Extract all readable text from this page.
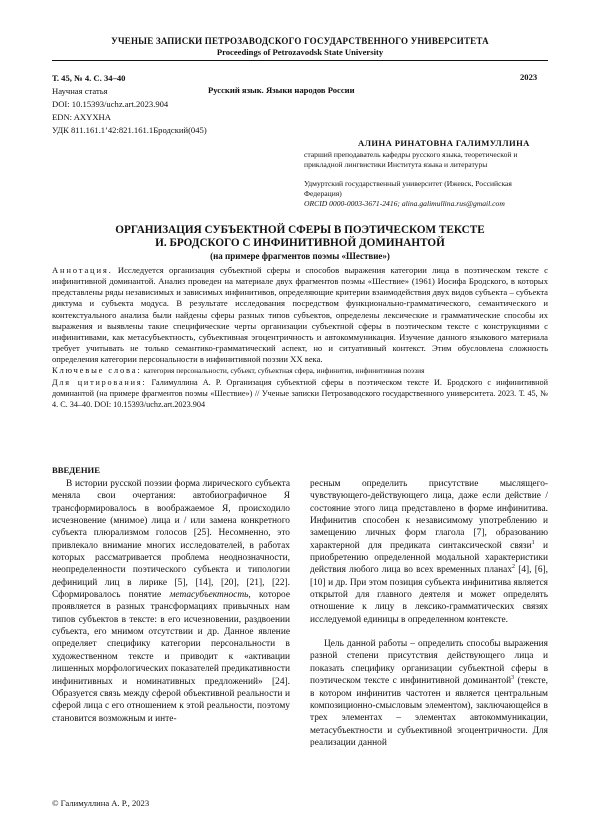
УЧЕНЫЕ ЗАПИСКИ ПЕТРОЗАВОДСКОГО ГОСУДАРСТВЕННОГО УНИВЕРСИТЕТА
Proceedings of Petrozavodsk State University
Т. 45, № 4. С. 34–40	2023
Научная статья	Русский язык. Языки народов России
DOI: 10.15393/uchz.art.2023.904
EDN: AXYXHA
УДК 811.161.1’42:821.161.1Бродский(045)
АЛИНА РИНАТОВНА ГАЛИМУЛЛИНА
старший преподаватель кафедры русского языка, теоретической и прикладной лингвистики Института языка и литературы
Удмуртский государственный университет (Ижевск, Российская Федерация)
ORCID 0000-0003-3671-2416; alina.galimullina.rus@gmail.com
ОРГАНИЗАЦИЯ СУБЪЕКТНОЙ СФЕРЫ В ПОЭТИЧЕСКОМ ТЕКСТЕ
И. БРОДСКОГО С ИНФИНИТИВНОЙ ДОМИНАНТОЙ
(на примере фрагментов поэмы «Шествие»)

Аннотация. Исследуется организация субъектной сферы и способов выражения категории лица в поэтическом тексте с инфинитивной доминантой. Анализ проведен на материале двух фрагментов поэмы «Шествие» (1961) Иосифа Бродского, в которых представлены ряды независимых и зависимых инфинитивов, определяющие критерии взаимодействия двух видов субъекта – субъекта диктума и субъекта модуса. В результате исследования посредством функционально-грамматического, семантического и контекстуального анализа были найдены сферы разных типов субъектов, определены лексические и грамматические способы их выражения и выявлены такие специфические черты организации субъектной сферы в поэтическом тексте с конструкциями с инфинитивами, как метасубъектность, субъективная эгоцентричность и автокоммуникация. Изучение данного языкового материала требует учитывать не только семантико-грамматический аспект, но и ситуативный контекст. Этим обусловлена сложность определения категории персональности в инфинитивной поэзии XX века.
Ключевые слова: категория персональности, субъект, субъектная сфера, инфинитив, инфинитивная поэзия

Для цитирования: Галимуллина А. Р. Организация субъектной сферы в поэтическом тексте И. Бродского с инфинитивной доминантой (на примере фрагментов поэмы «Шествие») // Ученые записки Петрозаводского государственного университета. 2023. Т. 45, № 4. С. 34–40. DOI: 10.15393/uchz.art.2023.904

ВВЕДЕНИЕ

В истории русской поэзии форма лирического субъекта меняла свои очертания: автобиографичное Я трансформировалось в воображаемое Я, происходило исчезновение (мнимое) лица и / или замена конкретного субъекта плюрализмом голосов [25]. Несомненно, это привлекало внимание многих исследователей, в работах которых рассматривается проблема неоднозначности, неопределенности поэтического субъекта и типологии дефиниций лиц в лирике [5], [14], [20], [21], [22]. Сформировалось понятие метасубъектность, которое проявляется в разных трансформациях привычных нам типов субъектов в тексте: в его исчезновении, раздвоении субъекта, его мнимом отсутствии и др. Данное явление определяет специфику категории персональности в художественном тексте и приводит к «активации лишенных морфологических показателей предикативности инфинитивных и номинативных предложений» [24]. Образуется связь между сферой объективной реальности и сферой лица с его отношением к этой реальности, поэтому становится возможным и инте-

ресным определить присутствие мыслящего-чувствующего-действующего лица, даже если действие / состояние этого лица представлено в форме инфинитива. Инфинитив способен к независимому употреблению и замещению личных форм глагола [7], образованию характерной для предиката синтаксической связи$^1$ и приобретению определенной модальной характеристики действия любого лица во всех временных планах$^2$ [4], [6], [10] и др. При этом позиция субъекта инфинитива является открытой для главного деятеля и может определять отношение к лицу в лексико-грамматических связях исследуемой единицы в определенном контексте.

Цель данной работы – определить способы выражения разной степени присутствия действующего лица и показать специфику организации субъектной сферы в поэтическом тексте с инфинитивной доминантой$^3$ (тексте, в котором инфинитив частотен и является центральным композиционно-смысловым элементом), заключающейся в трех элементах – элементах автокоммуникации, метасубъектности и субъективной эгоцентричности. Для реализации данной

© Галимуллина А. Р., 2023
